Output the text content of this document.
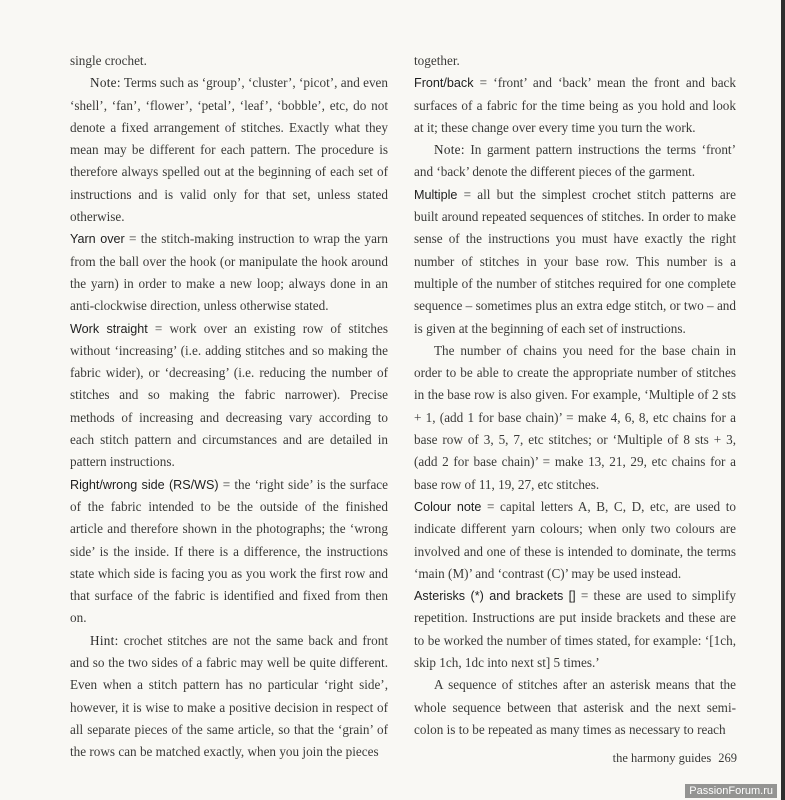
single crochet.

Note: Terms such as ‘group’, ‘cluster’, ‘picot’, and even ‘shell’, ‘fan’, ‘flower’, ‘petal’, ‘leaf’, ‘bobble’, etc, do not denote a fixed arrangement of stitches. Exactly what they mean may be different for each pattern. The procedure is therefore always spelled out at the beginning of each set of instructions and is valid only for that set, unless stated otherwise.

Yarn over = the stitch-making instruction to wrap the yarn from the ball over the hook (or manipulate the hook around the yarn) in order to make a new loop; always done in an anti-clockwise direction, unless otherwise stated.

Work straight = work over an existing row of stitches without ‘increasing’ (i.e. adding stitches and so making the fabric wider), or ‘decreasing’ (i.e. reducing the number of stitches and so making the fabric narrower). Precise methods of increasing and decreasing vary according to each stitch pattern and circumstances and are detailed in pattern instructions.

Right/wrong side (RS/WS) = the ‘right side’ is the surface of the fabric intended to be the outside of the finished article and therefore shown in the photographs; the ‘wrong side’ is the inside. If there is a difference, the instructions state which side is facing you as you work the first row and that surface of the fabric is identified and fixed from then on.

Hint: crochet stitches are not the same back and front and so the two sides of a fabric may well be quite different. Even when a stitch pattern has no particular ‘right side’, however, it is wise to make a positive decision in respect of all separate pieces of the same article, so that the ‘grain’ of the rows can be matched exactly, when you join the pieces

together.

Front/back = ‘front’ and ‘back’ mean the front and back surfaces of a fabric for the time being as you hold and look at it; these change over every time you turn the work.

Note: In garment pattern instructions the terms ‘front’ and ‘back’ denote the different pieces of the garment.

Multiple = all but the simplest crochet stitch patterns are built around repeated sequences of stitches. In order to make sense of the instructions you must have exactly the right number of stitches in your base row. This number is a multiple of the number of stitches required for one complete sequence – sometimes plus an extra edge stitch, or two – and is given at the beginning of each set of instructions.

The number of chains you need for the base chain in order to be able to create the appropriate number of stitches in the base row is also given. For example, ‘Multiple of 2 sts + 1, (add 1 for base chain)’ = make 4, 6, 8, etc chains for a base row of 3, 5, 7, etc stitches; or ‘Multiple of 8 sts + 3, (add 2 for base chain)’ = make 13, 21, 29, etc chains for a base row of 11, 19, 27, etc stitches.

Colour note = capital letters A, B, C, D, etc, are used to indicate different yarn colours; when only two colours are involved and one of these is intended to dominate, the terms ‘main (M)’ and ‘contrast (C)’ may be used instead.

Asterisks (*) and brackets [] = these are used to simplify repetition. Instructions are put inside brackets and these are to be worked the number of times stated, for example: ‘[1ch, skip 1ch, 1dc into next st] 5 times.’

A sequence of stitches after an asterisk means that the whole sequence between that asterisk and the next semi-colon is to be repeated as many times as necessary to reach

the harmony guides 269
PassionForum.ru
